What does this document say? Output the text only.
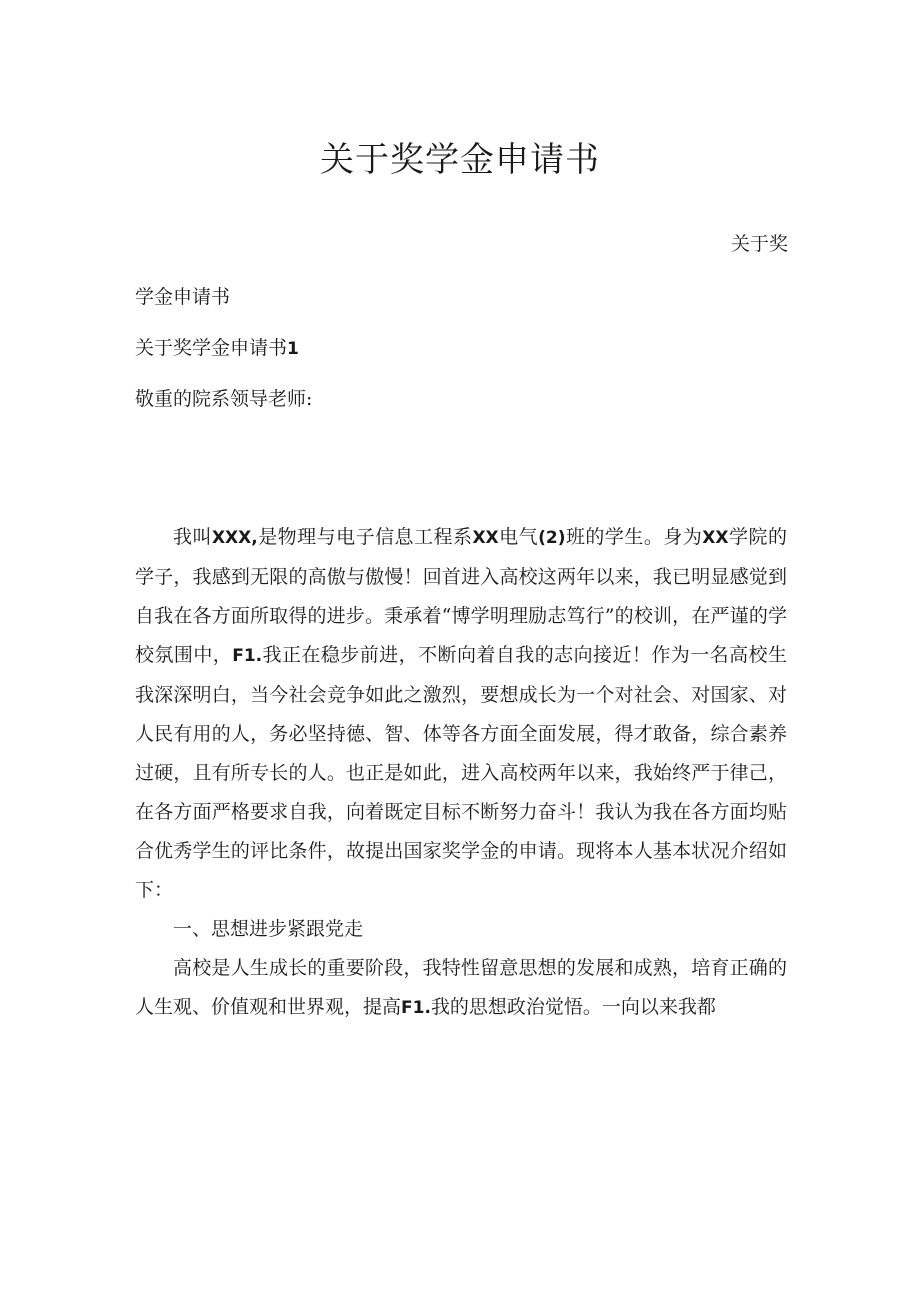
关于奖学金申请书
关于奖
学金申请书
关于奖学金申请书1
敬重的院系领导老师:

我叫XXX,是物理与电子信息工程系XX电气(2)班的学生。身为XX学院的学子，我感到无限的高傲与傲慢！回首进入高校这两年以来，我已明显感觉到自我在各方面所取得的进步。秉承着“博学明理励志笃行”的校训，在严谨的学校氛围中，F1.我正在稳步前进，不断向着自我的志向接近！作为一名高校生我深深明白，当今社会竞争如此之激烈，要想成长为一个对社会、对国家、对人民有用的人，务必坚持德、智、体等各方面全面发展，得才敢备，综合素养过硬，且有所专长的人。也正是如此，进入高校两年以来，我始终严于律己，在各方面严格要求自我，向着既定目标不断努力奋斗！我认为我在各方面均贴合优秀学生的评比条件，故提出国家奖学金的申请。现将本人基本状况介绍如下：

一、思想进步紧跟党走

高校是人生成长的重要阶段，我特性留意思想的发展和成熟，培育正确的人生观、价值观和世界观，提高F1.我的思想政治觉悟。一向以来我都
